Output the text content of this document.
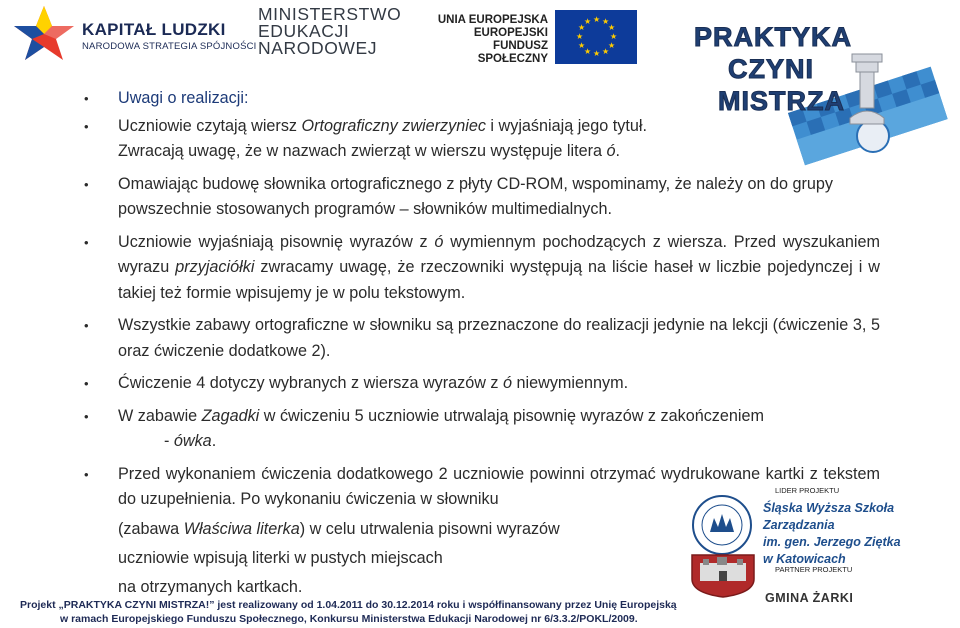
KAPITAŁ LUDZKI
NARODOWA STRATEGIA SPÓJNOŚCI
MINISTERSTWO
EDUKACJI
NARODOWEJ
UNIA EUROPEJSKA
EUROPEJSKI
FUNDUSZ SPOŁECZNY
★ ★
★
★
★
★
★
★
★
★
★
★
PRAKTYKA
CZYNI
MISTRZA
• Uwagi o realizacji:
• Uczniowie czytają wiersz Ortograficzny zwierzyniec i wyjaśniają jego tytuł.
Zwracają uwagę, że w nazwach zwierząt w wierszu występuje litera ó.
• Omawiając budowę słownika ortograficznego z płyty CD-ROM, wspominamy, że należy on do grupy powszechnie stosowanych programów – słowników multimedialnych.
• Uczniowie wyjaśniają pisownię wyrazów z ó wymiennym pochodzących z wiersza. Przed wyszukaniem wyrazu przyjaciółki zwracamy uwagę, że rzeczowniki występują na liście haseł w liczbie pojedynczej i w takiej też formie wpisujemy je w polu tekstowym.
• Wszystkie zabawy ortograficzne w słowniku są przeznaczone do realizacji jedynie na lekcji (ćwiczenie 3, 5 oraz ćwiczenie dodatkowe 2).
• Ćwiczenie 4 dotyczy wybranych z wiersza wyrazów z ó niewymiennym.
• W zabawie Zagadki w ćwiczeniu 5 uczniowie utrwalają pisownię wyrazów z zakończeniem
- ówka.
• Przed wykonaniem ćwiczenia dodatkowego 2 uczniowie powinni otrzymać wydrukowane kartki z tekstem do uzupełnienia. Po wykonaniu ćwiczenia w słowniku
(zabawa Właściwa literka) w celu utrwalenia pisowni wyrazów
uczniowie wpisują literki w pustych miejscach
na otrzymanych kartkach.
LIDER PROJEKTU
Śląska Wyższa Szkoła Zarządzania
im. gen. Jerzego Ziętka
w Katowicach
PARTNER PROJEKTU
GMINA ŻARKI
Projekt „PRAKTYKA CZYNI MISTRZA!” jest realizowany od 1.04.2011 do 30.12.2014 roku i współfinansowany przez Unię Europejską
w ramach Europejskiego Funduszu Społecznego, Konkursu Ministerstwa Edukacji Narodowej nr 6/3.3.2/POKL/2009.
